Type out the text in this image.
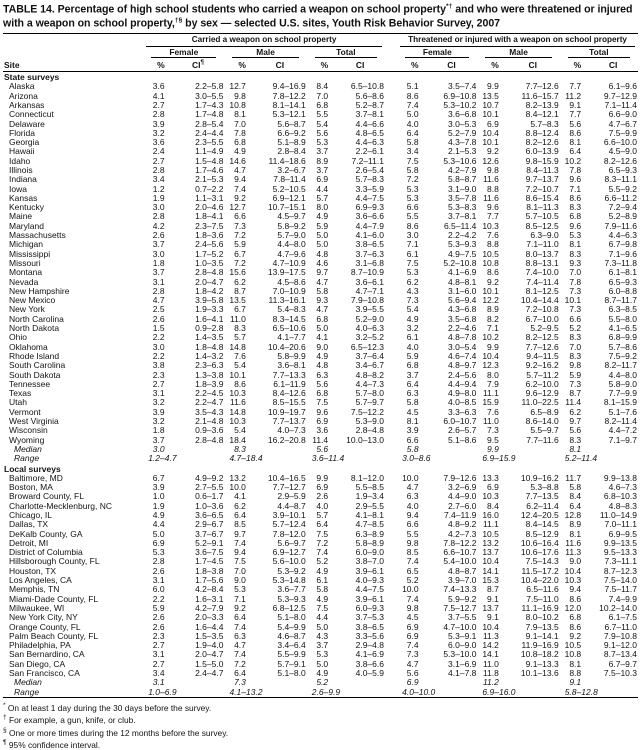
TABLE 14. Percentage of high school students who carried a weapon on school property*† and who were threatened or injured with a weapon on school property,†§ by sex — selected U.S. sites, Youth Risk Behavior Survey, 2007

	Carried a weapon on school property							Threatened or injured with a weapon on school property					

	Female		Male		Total			Female		Male		Total	

Site	%	CI¶	%	CI	%	CI		%	CI	%	CI	%	CI
State surveys													
Alaska	3.6	2.2–5.8	12.7	9.4–16.9	8.4	6.5–10.8		5.1	3.5–7.4	9.9	7.7–12.6	7.7	6.1–9.6
Arizona	4.1	3.0–5.5	9.8	7.8–12.2	7.0	5.6–8.6		8.6	6.9–10.8	13.5	11.6–15.7	11.2	9.7–12.9
Arkansas	2.7	1.7–4.3	10.8	8.1–14.1	6.8	5.2–8.7		7.4	5.3–10.2	10.7	8.2–13.9	9.1	7.1–11.4
Connecticut	2.8	1.7–4.8	8.1	5.3–12.1	5.5	3.7–8.1		5.0	3.6–6.8	10.1	8.4–12.1	7.7	6.6–9.0
Delaware	3.9	2.8–5.4	7.0	5.6–8.7	5.4	4.4–6.6		4.0	3.0–5.3	6.9	5.7–8.3	5.6	4.7–6.7
Florida	3.2	2.4–4.4	7.8	6.6–9.2	5.6	4.8–6.5		6.4	5.2–7.9	10.4	8.8–12.4	8.6	7.5–9.9
Georgia	3.6	2.3–5.5	6.8	5.1–8.9	5.3	4.4–6.3		5.8	4.3–7.8	10.1	8.2–12.6	8.1	6.6–10.0
Hawaii	2.4	1.1–4.9	4.9	2.8–8.4	3.7	2.2–6.1		3.4	2.1–5.3	9.2	6.0–13.9	6.4	4.5–9.0
Idaho	2.7	1.5–4.8	14.6	11.4–18.6	8.9	7.2–11.1		7.5	5.3–10.6	12.6	9.8–15.9	10.2	8.2–12.6
Illinois	2.8	1.7–4.6	4.7	3.2–6.7	3.7	2.6–5.4		5.8	4.2–7.9	9.8	8.4–11.3	7.8	6.5–9.3
Indiana	3.4	2.1–5.3	9.4	7.8–11.4	6.9	5.7–8.3		7.2	5.8–8.7	11.6	9.7–13.7	9.6	8.3–11.1
Iowa	1.2	0.7–2.2	7.4	5.2–10.5	4.4	3.3–5.9		5.3	3.1–9.0	8.8	7.2–10.7	7.1	5.5–9.2
Kansas	1.9	1.1–3.1	9.2	6.9–12.1	5.7	4.4–7.5		5.3	3.5–7.8	11.6	8.6–15.4	8.6	6.6–11.2
Kentucky	3.0	2.0–4.6	12.7	10.7–15.1	8.0	6.9–9.3		6.6	5.3–8.3	9.6	8.1–11.3	8.3	7.2–9.4
Maine	2.8	1.8–4.1	6.6	4.5–9.7	4.9	3.6–6.6		5.5	3.7–8.1	7.7	5.7–10.5	6.8	5.2–8.9
Maryland	4.2	2.3–7.5	7.3	5.8–9.2	5.9	4.4–7.9		8.6	6.5–11.4	10.3	8.5–12.5	9.6	7.9–11.6
Massachusetts	2.6	1.8–3.6	7.2	5.7–9.0	5.0	4.1–6.0		3.0	2.2–4.2	7.6	6.3–9.0	5.3	4.4–6.3
Michigan	3.7	2.4–5.6	5.9	4.4–8.0	5.0	3.8–6.5		7.1	5.3–9.3	8.8	7.1–11.0	8.1	6.7–9.8
Mississippi	3.0	1.7–5.2	6.7	4.7–9.6	4.8	3.7–6.3		6.1	4.9–7.5	10.5	8.0–13.7	8.3	7.1–9.6
Missouri	1.8	1.0–3.5	7.2	4.7–10.9	4.6	3.1–6.8		7.5	5.2–10.8	10.8	8.8–13.1	9.3	7.3–11.8
Montana	3.7	2.8–4.8	15.6	13.9–17.5	9.7	8.7–10.9		5.3	4.1–6.9	8.6	7.4–10.0	7.0	6.1–8.1
Nevada	3.1	2.0–4.7	6.2	4.5–8.6	4.7	3.6–6.1		6.2	4.8–8.1	9.2	7.4–11.4	7.8	6.5–9.3
New Hampshire	2.8	1.8–4.2	8.7	7.0–10.9	5.8	4.7–7.1		4.3	3.1–6.0	10.1	8.1–12.5	7.3	6.0–8.8
New Mexico	4.7	3.9–5.8	13.5	11.3–16.1	9.3	7.9–10.8		7.3	5.6–9.4	12.2	10.4–14.4	10.1	8.7–11.7
New York	2.5	1.9–3.3	6.7	5.4–8.3	4.7	3.9–5.5		5.4	4.3–6.8	8.9	7.2–10.8	7.3	6.3–8.5
North Carolina	2.6	1.6–4.1	11.0	8.3–14.5	6.8	5.2–9.0		4.9	3.5–6.8	8.2	6.7–10.0	6.6	5.5–8.0
North Dakota	1.5	0.9–2.8	8.3	6.5–10.6	5.0	4.0–6.3		3.2	2.2–4.6	7.1	5.2–9.5	5.2	4.1–6.5
Ohio	2.2	1.4–3.5	5.7	4.1–7.7	4.1	3.2–5.2		6.1	4.8–7.8	10.2	8.2–12.5	8.3	6.8–9.9
Oklahoma	3.0	1.8–4.8	14.8	10.4–20.6	9.0	6.5–12.3		4.0	3.0–5.4	9.9	7.7–12.6	7.0	5.7–8.6
Rhode Island	2.2	1.4–3.2	7.6	5.8–9.9	4.9	3.7–6.4		5.9	4.6–7.4	10.4	9.4–11.5	8.3	7.5–9.2
South Carolina	3.8	2.3–6.3	5.4	3.6–8.1	4.8	3.4–6.7		6.8	4.8–9.7	12.3	9.2–16.2	9.8	8.2–11.7
South Dakota	2.3	1.3–3.8	10.1	7.7–13.3	6.3	4.8–8.2		3.7	2.4–5.6	8.0	5.7–11.2	5.9	4.4–8.0
Tennessee	2.7	1.8–3.9	8.6	6.1–11.9	5.6	4.4–7.3		6.4	4.4–9.4	7.9	6.2–10.0	7.3	5.8–9.0
Texas	3.1	2.2–4.5	10.3	8.4–12.6	6.8	5.7–8.0		6.3	4.9–8.0	11.1	9.6–12.9	8.7	7.7–9.9
Utah	3.2	2.2–4.7	11.6	8.5–15.5	7.5	5.7–9.7		5.8	4.0–8.5	15.9	11.0–22.5	11.4	8.1–15.9
Vermont	3.9	3.5–4.3	14.8	10.9–19.7	9.6	7.5–12.2		4.5	3.3–6.3	7.6	6.5–8.9	6.2	5.1–7.6
West Virginia	3.2	2.1–4.8	10.3	7.7–13.7	6.9	5.3–9.0		8.1	6.0–10.7	11.0	8.6–14.0	9.7	8.2–11.4
Wisconsin	1.8	0.9–3.6	5.4	4.0–7.3	3.6	2.8–4.8		3.9	2.6–5.7	7.3	5.5–9.7	5.6	4.4–7.2
Wyoming	3.7	2.8–4.8	18.4	16.2–20.8	11.4	10.0–13.0		6.6	5.1–8.6	9.5	7.7–11.6	8.3	7.1–9.7
Median	3.0		8.3		5.6			5.8		9.9		8.1	
Range	1.2–4.7		4.7–18.4		3.6–11.4			3.0–8.6		6.9–15.9		5.2–11.4	
Local surveys													
Baltimore, MD	6.7	4.9–9.2	13.2	10.4–16.5	9.9	8.1–12.0		10.0	7.9–12.6	13.3	10.9–16.2	11.7	9.9–13.8
Boston, MA	3.9	2.7–5.5	10.0	7.7–12.7	6.9	5.5–8.5		4.7	3.2–6.9	6.9	5.3–8.8	5.8	4.6–7.3
Broward County, FL	1.0	0.6–1.7	4.1	2.9–5.9	2.6	1.9–3.4		6.3	4.4–9.0	10.3	7.7–13.5	8.4	6.8–10.3
Charlotte-Mecklenburg, NC	1.9	1.0–3.6	6.2	4.4–8.7	4.0	2.9–5.5		4.0	2.7–6.0	8.4	6.2–11.4	6.4	4.8–8.3
Chicago, IL	4.9	3.6–6.5	6.4	3.9–10.1	5.7	4.1–8.1		9.4	7.4–11.9	16.0	12.4–20.5	12.8	11.0–14.9
Dallas, TX	4.4	2.9–6.7	8.5	5.7–12.4	6.4	4.7–8.5		6.6	4.8–9.2	11.1	8.4–14.5	8.9	7.0–11.1
DeKalb County, GA	5.0	3.7–6.7	9.7	7.8–12.0	7.5	6.3–8.9		5.5	4.2–7.3	10.5	8.5–12.9	8.1	6.9–9.5
Detroit, MI	6.9	5.2–9.1	7.4	5.6–9.7	7.2	5.8–8.9		9.8	7.8–12.2	13.2	10.6–16.4	11.6	9.9–13.5
District of Columbia	5.3	3.6–7.5	9.4	6.9–12.7	7.4	6.0–9.0		8.5	6.6–10.7	13.7	10.6–17.6	11.3	9.5–13.3
Hillsborough County, FL	2.8	1.7–4.5	7.5	5.6–10.0	5.2	3.8–7.0		7.4	5.4–10.0	10.4	7.5–14.3	9.0	7.3–11.1
Houston, TX	2.6	1.8–3.8	7.0	5.3–9.2	4.9	3.9–6.1		6.5	4.8–8.7	14.1	11.5–17.2	10.4	8.7–12.3
Los Angeles, CA	3.1	1.7–5.6	9.0	5.3–14.8	6.1	4.0–9.3		5.2	3.9–7.0	15.3	10.4–22.0	10.3	7.5–14.0
Memphis, TN	6.0	4.2–8.4	5.3	3.6–7.7	5.8	4.4–7.5		10.0	7.4–13.3	8.7	6.5–11.6	9.4	7.5–11.7
Miami-Dade County, FL	2.2	1.6–3.1	7.1	5.3–9.3	4.9	3.9–6.1		7.4	5.9–9.2	9.1	7.5–11.0	8.6	7.4–9.9
Milwaukee, WI	5.9	4.2–7.9	9.2	6.8–12.5	7.5	6.0–9.3		9.8	7.5–12.7	13.7	11.1–16.9	12.0	10.2–14.0
New York City, NY	2.6	2.0–3.3	6.4	5.1–8.0	4.4	3.7–5.3		4.5	3.7–5.5	9.1	8.0–10.2	6.8	6.1–7.5
Orange County, FL	2.6	1.6–4.4	7.4	5.4–9.9	5.0	3.8–6.5		6.9	4.7–10.0	10.4	7.9–13.5	8.6	6.7–11.0
Palm Beach County, FL	2.3	1.5–3.5	6.3	4.6–8.7	4.3	3.3–5.6		6.9	5.3–9.1	11.3	9.1–14.1	9.2	7.9–10.8
Philadelphia, PA	2.7	1.9–4.0	4.7	3.4–6.4	3.7	2.9–4.8		7.4	6.0–9.0	14.2	11.9–16.9	10.5	9.1–12.0
San Bernardino, CA	3.1	2.0–4.7	7.4	5.5–9.9	5.3	4.1–6.9		7.3	5.3–10.0	14.1	10.8–18.2	10.8	8.7–13.4
San Diego, CA	2.7	1.5–5.0	7.2	5.7–9.1	5.0	3.8–6.6		4.7	3.1–6.9	11.0	9.1–13.3	8.1	6.7–9.7
San Francisco, CA	3.4	2.4–4.7	6.4	5.1–8.0	4.9	4.0–5.9		5.6	4.1–7.8	11.8	10.1–13.6	8.8	7.5–10.3
Median	3.1		7.3		5.2			6.9		11.2		9.1	
Range	1.0–6.9		4.1–13.2		2.6–9.9			4.0–10.0		6.9–16.0		5.8–12.8	
* On at least 1 day during the 30 days before the survey.
† For example, a gun, knife, or club.
§ One or more times during the 12 months before the survey.
¶ 95% confidence interval.
